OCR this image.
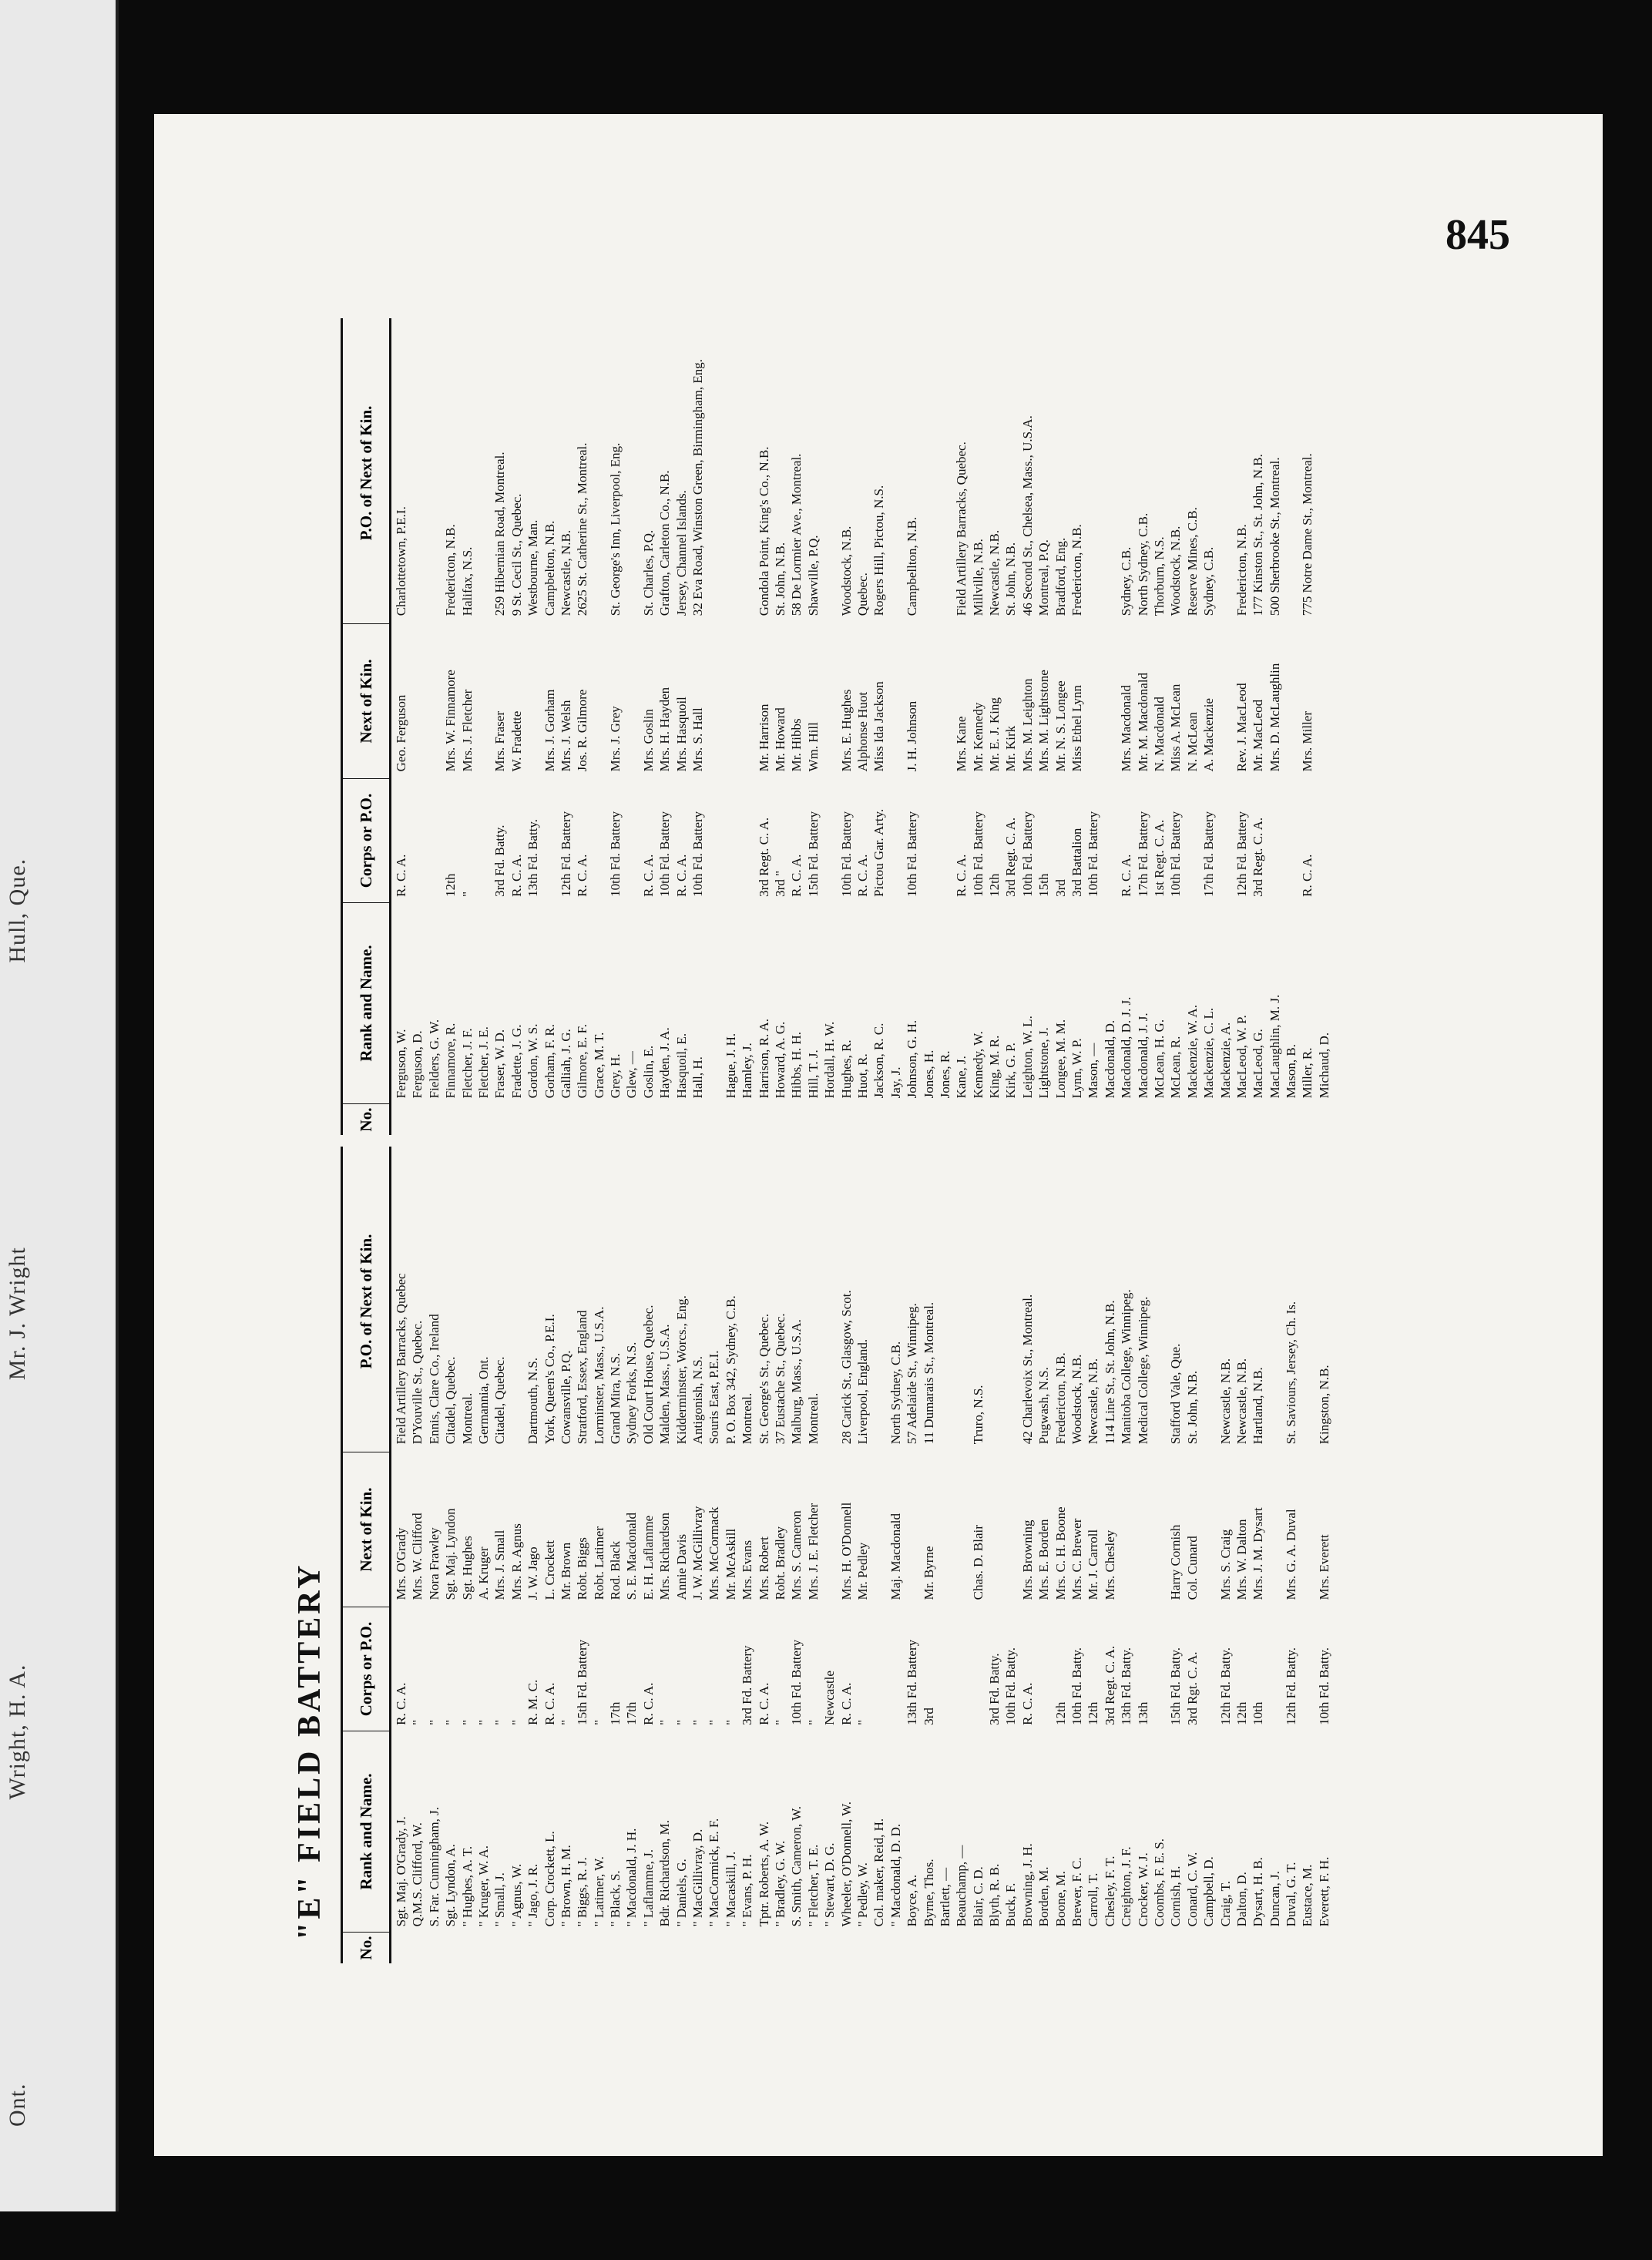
Ont. Wright, H. A. Mr. J. Wright Hull, Que.
845
"E" FIELD BATTERY
No.
Rank and Name.
Corps or P.O.
Next of Kin.
P.O. of Next of Kin.
Sgt. Maj. O'Grady, J.
R. C. A.
Mrs. O'Grady
Field Artillery Barracks, Quebec
Q.M.S. Clifford, W.
"
Mrs. W. Clifford
D'Youville St., Quebec.
S. Far. Cunningham, J.
"
Nora Frawley
Ennis, Clare Co., Ireland
Sgt. Lyndon, A.
"
Sgt. Maj. Lyndon
Citadel, Quebec.
" Hughes, A. T.
"
Sgt. Hughes
Montreal.
" Kruger, W. A.
"
A. Kruger
Germannia, Ont.
" Small, J.
"
Mrs. J. Small
Citadel, Quebec.
" Agnus, W.
"
Mrs. R. Agnus
" Jago, J. R.
R. M. C.
J. W. Jago
Dartmouth, N.S.
Corp. Crockett, L.
R. C. A.
L. Crockett
York, Queen's Co., P.E.I.
" Brown, H. M.
"
Mr. Brown
Cowansville, P.Q.
" Biggs, R. J.
15th Fd. Battery
Robt. Biggs
Stratford, Essex, England
" Latimer, W.
"
Robt. Latimer
Lorminster, Mass., U.S.A.
" Black, S.
17th
Rod. Black
Grand Mira, N.S.
" Macdonald, J. H.
17th
S. E. Macdonald
Sydney Forks, N.S.
" Laflamme, J.
R. C. A.
E. H. Laflamme
Old Court House, Quebec.
Bdr. Richardson, M.
"
Mrs. Richardson
Malden, Mass., U.S.A.
" Daniels, G.
"
Annie Davis
Kidderminster, Worcs., Eng.
" MacGillivray, D.
"
J. W. McGillivray
Antigonish, N.S.
" MacCormick, E. F.
"
Mrs. McCormack
Souris East, P.E.I.
" Macaskill, J.
"
Mr. McAskill
P. O. Box 342, Sydney, C.B.
" Evans, P. H.
3rd Fd. Battery
Mrs. Evans
Montreal.
Tptr. Roberts, A. W.
R. C. A.
Mrs. Robert
St. George's St., Quebec.
" Bradley, G. W.
"
Robt. Bradley
37 Eustache St., Quebec.
S. Smith, Cameron, W.
10th Fd. Battery
Mrs. S. Cameron
Malburg, Mass., U.S.A.
" Fletcher, T. E.
"
Mrs. J. E. Fletcher
Montreal.
" Stewart, D. G.
Newcastle
Wheeler, O'Donnell, W.
R. C. A.
Mrs. H. O'Donnell
28 Carick St., Glasgow, Scot.
" Pedley, W.
"
Mr. Pedley
Liverpool, England.
Col. maker, Reid, H. " Macdonald, D. D.
Maj. Macdonald
North Sydney, C.B.
Boyce, A.
13th Fd. Battery
57 Adelaide St., Winnipeg.
Byrne, Thos.
3rd
Mr. Byrne
11 Dumarais St., Montreal.
Bartlett, — Beauchamp, — Blair, C. D.
Chas. D. Blair
Truro, N.S.
Blyth, R. B.
3rd Fd. Batty.
Buck, F.
10th Fd. Batty.
Browning, J. H.
R. C. A.
Mrs. Browning
42 Charlevoix St., Montreal.
Borden, M.
Mrs. E. Borden
Pugwash, N.S.
Boone, M.
12th
Mrs. C. H. Boone
Fredericton, N.B.
Brewer, F. C.
10th Fd. Batty.
Mrs. C. Brewer
Woodstock, N.B.
Carroll, T.
12th
Mr. J. Carroll
Newcastle, N.B.
Chesley, F. T.
3rd Regt. C. A.
Mrs. Chesley
114 Line St., St. John, N.B.
Creighton, J. F.
13th Fd. Batty.
Manitoba College, Winnipeg.
Crocker, W. J.
13th
Medical College, Winnipeg.
Coombs, F. E. S. Cornish, H.
15th Fd. Batty.
Harry Cornish
Stafford Vale, Que.
Conard, C. W.
3rd Rgt. C. A.
Col. Cunard
St. John, N.B.
Campbell, D. Craig, T.
12th Fd. Batty.
Mrs. S. Craig
Newcastle, N.B.
Dalton, D.
12th
Mrs. W. Dalton
Newcastle, N.B.
Dysart, H. B.
10th
Mrs. J. M. Dysart
Hartland, N.B.
Duncan, J. Duval, G. T.
12th Fd. Batty.
Mrs. G. A. Duval
St. Saviours, Jersey, Ch. Is.
Eustace, M. Everett, F. H.
10th Fd. Batty.
Mrs. Everett
Kingston, N.B.
No.
Rank and Name.
Corps or P.O.
Next of Kin.
P.O. of Next of Kin.
Ferguson, W.
R. C. A.
Geo. Ferguson
Charlottetown, P.E.I.
Ferguson, D. Fielders, G. W. Finnamore, R.
12th
Mrs. W. Finnamore
Fredericton, N.B.
Fletcher, J. F.
"
Mrs. J. Fletcher
Halifax, N.S.
Fletcher, J. E. Fraser, W. D.
3rd Fd. Batty.
Mrs. Fraser
259 Hibernian Road, Montreal.
Fradette, J. G.
R. C. A.
W. Fradette
9 St. Cecil St., Quebec.
Gordon, W. S.
13th Fd. Batty.
Westbourne, Man.
Gorham, F. R.
Mrs. J. Gorham
Campbelton, N.B.
Galliah, J. G.
12th Fd. Battery
Mrs. J. Welsh
Newcastle, N.B.
Gilmore, E. F.
R. C. A.
Jos. R. Gilmore
2625 St. Catherine St., Montreal.
Grace, M. T. Grey, H.
10th Fd. Battery
Mrs. J. Grey
St. George's Inn, Liverpool, Eng.
Glew, — Goslin, E.
R. C. A.
Mrs. Goslin
St. Charles, P.Q.
Hayden, J. A.
10th Fd. Battery
Mrs. H. Hayden
Grafton, Carleton Co., N.B.
Hasquoil, E.
R. C. A.
Mrs. Hasquoil
Jersey, Channel Islands.
Hall, H.
10th Fd. Battery
Mrs. S. Hall
32 Eva Road, Winston Green, Birmingham, Eng.
Hague, J. H. Hamley, J. Harrison, R. A.
3rd Regt. C. A.
Mr. Harrison
Gondola Point, King's Co., N.B.
Howard, A. G.
3rd "
Mr. Howard
St. John, N.B.
Hibbs, H. H.
R. C. A.
Mr. Hibbs
58 De Lormier Ave., Montreal.
Hill, T. J.
15th Fd. Battery
Wm. Hill
Shawville, P.Q.
Hordall, H. W. Hughes, R.
10th Fd. Battery
Mrs. E. Hughes
Woodstock, N.B.
Huot, R.
R. C. A.
Alphonse Huot
Quebec.
Jackson, R. C.
Pictou Gar. Arty.
Miss Ida Jackson
Rogers Hill, Pictou, N.S.
Jay, J. Johnson, G. H.
10th Fd. Battery
J. H. Johnson
Campbellton, N.B.
Jones, H. Jones, R. Kane, J.
R. C. A.
Mrs. Kane
Field Artillery Barracks, Quebec.
Kennedy, W.
10th Fd. Battery
Mr. Kennedy
Millville, N.B.
King, M. R.
12th
Mr. E. J. King
Newcastle, N.B.
Kirk, G. P.
3rd Regt. C. A.
Mr. Kirk
St. John, N.B.
Leighton, W. L.
10th Fd. Battery
Mrs. M. Leighton
46 Second St., Chelsea, Mass., U.S.A.
Lightstone, J.
15th
Mrs. M. Lightstone
Montreal, P.Q.
Longee, M. M.
3rd
Mr. N. S. Longee
Bradford, Eng.
Lynn, W. P.
3rd Battalion
Miss Ethel Lynn
Fredericton, N.B.
Mason, —
10th Fd. Battery
Macdonald, D. Macdonald, D. J. J.
R. C. A.
Mrs. Macdonald
Sydney, C.B.
Macdonald, J. J.
17th Fd. Battery
Mr. M. Macdonald
North Sydney, C.B.
McLean, H. G.
1st Regt. C. A.
N. Macdonald
Thorburn, N.S.
McLean, R.
10th Fd. Battery
Miss A. McLean
Woodstock, N.B.
Mackenzie, W. A.
N. McLean
Reserve Mines, C.B.
Mackenzie, C. L.
17th Fd. Battery
A. Mackenzie
Sydney, C.B.
Mackenzie, A. MacLeod, W. P.
12th Fd. Battery
Rev. J. MacLeod
Fredericton, N.B.
MacLeod, G.
3rd Regt. C. A.
Mr. MacLeod
177 Kinston St., St. John, N.B.
MacLaughlin, M. J.
Mrs. D. McLaughlin
500 Sherbrooke St., Montreal.
Mason, B. Miller, R.
R. C. A.
Mrs. Miller
775 Notre Dame St., Montreal.
Michaud, D.
